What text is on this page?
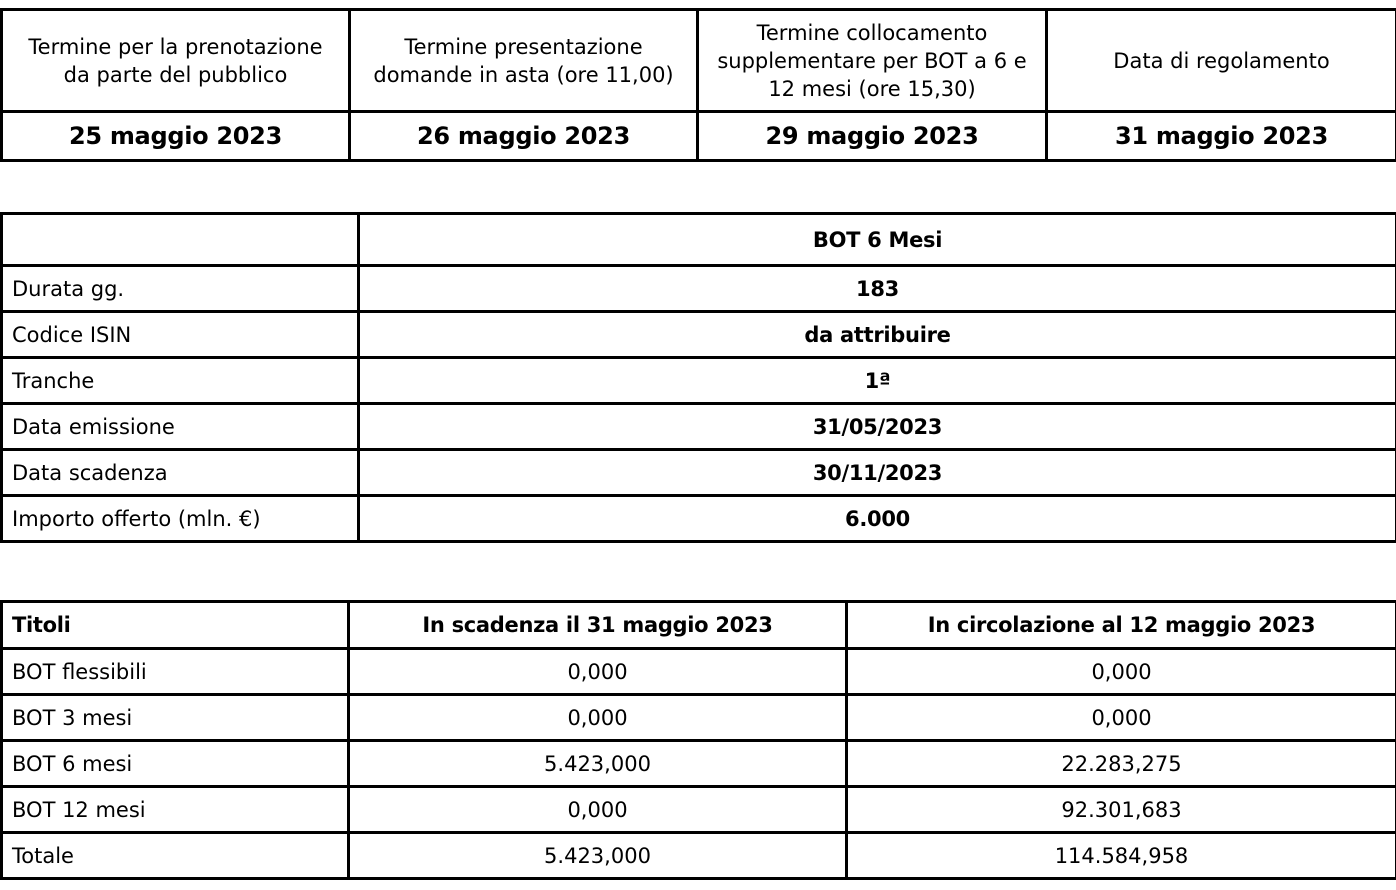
Termine per la prenotazione da parte del pubblico	Termine presentazione domande in asta (ore 11,00)	Termine collocamento supplementare per BOT a 6 e 12 mesi (ore 15,30)	Data di regolamento
25 maggio 2023	26 maggio 2023	29 maggio 2023	31 maggio 2023
	BOT 6 Mesi
Durata gg.	183
Codice ISIN	da attribuire
Tranche	1ª
Data emissione	31/05/2023
Data scadenza	30/11/2023
Importo offerto (mln. €)	6.000
Titoli	In scadenza il 31 maggio 2023	In circolazione al 12 maggio 2023
BOT flessibili	0,000	0,000
BOT 3 mesi	0,000	0,000
BOT 6 mesi	5.423,000	22.283,275
BOT 12 mesi	0,000	92.301,683
Totale	5.423,000	114.584,958
